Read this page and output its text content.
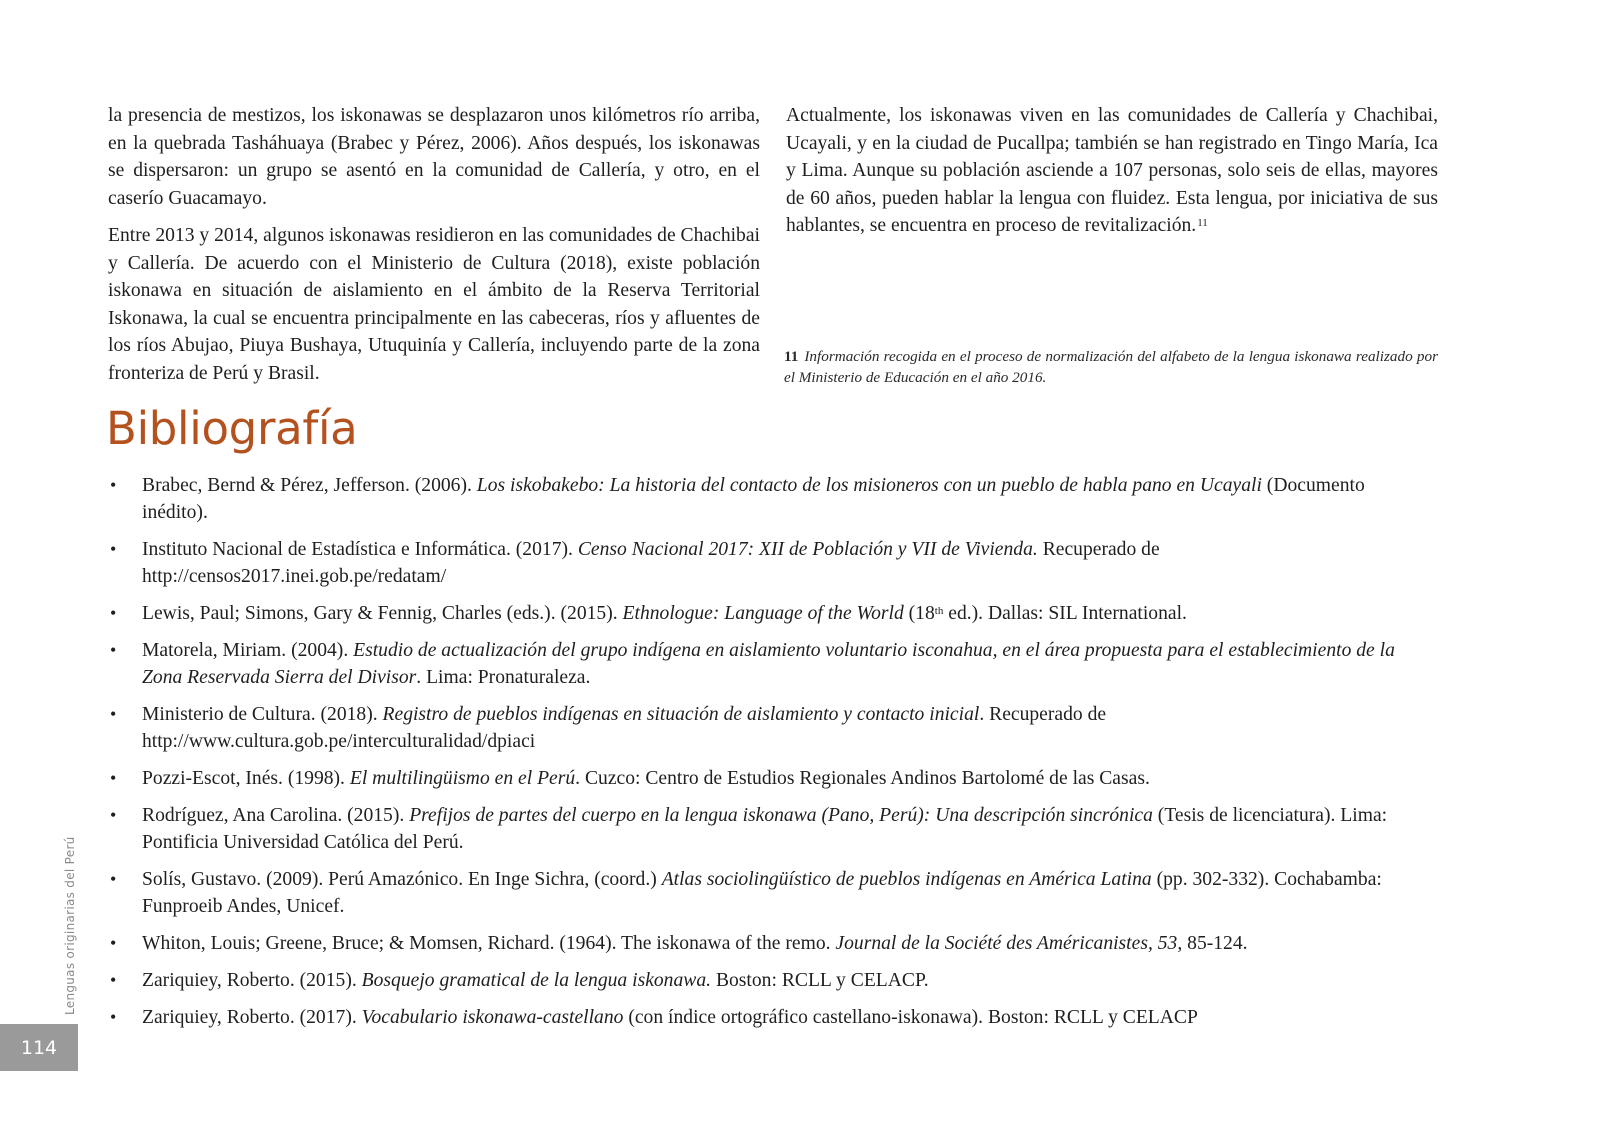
la presencia de mestizos, los iskonawas se desplazaron unos kilómetros río arriba, en la quebrada Tasháhuaya (Brabec y Pérez, 2006). Años después, los iskonawas se dispersaron: un grupo se asentó en la comunidad de Callería, y otro, en el caserío Guacamayo.

Entre 2013 y 2014, algunos iskonawas residieron en las comunidades de Chachibai y Callería. De acuerdo con el Ministerio de Cultura (2018), existe población iskonawa en situación de aislamiento en el ámbito de la Reserva Territorial Iskonawa, la cual se encuentra principalmente en las cabeceras, ríos y afluentes de los ríos Abujao, Piuya Bushaya, Utuquinía y Callería, incluyendo parte de la zona fronteriza de Perú y Brasil.

Actualmente, los iskonawas viven en las comunidades de Callería y Chachibai, Ucayali, y en la ciudad de Pucallpa; también se han registrado en Tingo María, Ica y Lima. Aunque su población asciende a 107 personas, solo seis de ellas, mayores de 60 años, pueden hablar la lengua con fluidez. Esta lengua, por iniciativa de sus hablantes, se encuentra en proceso de revitalización.$^{11}$

11 Información recogida en el proceso de normalización del alfabeto de la lengua iskonawa realizado por el Ministerio de Educación en el año 2016.
Bibliografía
• Brabec, Bernd & Pérez, Jefferson. (2006). Los iskobakebo: La historia del contacto de los misioneros con un pueblo de habla pano en Ucayali (Documento inédito).
• Instituto Nacional de Estadística e Informática. (2017). Censo Nacional 2017: XII de Población y VII de Vivienda. Recuperado de http://censos2017.inei.gob.pe/redatam/
• Lewis, Paul; Simons, Gary & Fennig, Charles (eds.). (2015). Ethnologue: Language of the World (18th ed.). Dallas: SIL International.
• Matorela, Miriam. (2004). Estudio de actualización del grupo indígena en aislamiento voluntario isconahua, en el área propuesta para el establecimiento de la Zona Reservada Sierra del Divisor. Lima: Pronaturaleza.
• Ministerio de Cultura. (2018). Registro de pueblos indígenas en situación de aislamiento y contacto inicial. Recuperado de http://www.cultura.gob.pe/interculturalidad/dpiaci
• Pozzi-Escot, Inés. (1998). El multilingüismo en el Perú. Cuzco: Centro de Estudios Regionales Andinos Bartolomé de las Casas.
• Rodríguez, Ana Carolina. (2015). Prefijos de partes del cuerpo en la lengua iskonawa (Pano, Perú): Una descripción sincrónica (Tesis de licenciatura). Lima: Pontificia Universidad Católica del Perú.
• Solís, Gustavo. (2009). Perú Amazónico. En Inge Sichra, (coord.) Atlas sociolingüístico de pueblos indígenas en América Latina (pp. 302-332). Cochabamba: Funproeib Andes, Unicef.
• Whiton, Louis; Greene, Bruce; & Momsen, Richard. (1964). The iskonawa of the remo. Journal de la Société des Américanistes, 53, 85-124.
• Zariquiey, Roberto. (2015). Bosquejo gramatical de la lengua iskonawa. Boston: RCLL y CELACP.
• Zariquiey, Roberto. (2017). Vocabulario iskonawa-castellano (con índice ortográfico castellano-iskonawa). Boston: RCLL y CELACP
Lenguas originarias del Perú
114
